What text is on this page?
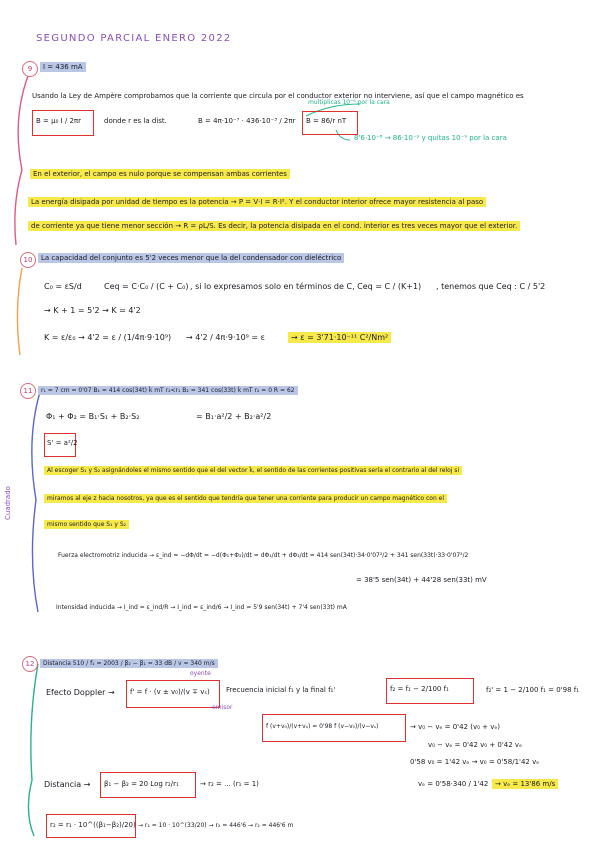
SEGUNDO PARCIAL ENERO 2022
9	I = 436 mA
Usando la Ley de Ampère comprobamos que la corriente que circula por el conductor exterior no interviene, así que el campo magnético es
B = μ₀ I / 2πr	donde r es la dist.	B = 4π·10⁻⁷ · 436·10⁻³ / 2πr
multiplicas 10⁻⁶ por la cara
B = 86/r nT
8'6·10⁻⁸ → 86·10⁻⁹ y quitas 10⁻⁹ por la cara
En el exterior, el campo es nulo porque se compensan ambas corrientes
La energía disipada por unidad de tiempo es la potencia → P = V·I = R·I². Y el conductor interior ofrece mayor resistencia al paso
de corriente ya que tiene menor sección → R = ρL/S. Es decir, la potencia disipada en el cond. interior es tres veces mayor que el exterior.
10	La capacidad del conjunto es 5'2 veces menor que la del condensador con dieléctrico
C₀ = εS/d	Ceq = C·C₀ / (C + C₀) , si lo expresamos solo en términos de C, Ceq = C / (K+1) , tenemos que Ceq : C / 5'2
→ K + 1 = 5'2 → K = 4'2
K = ε/ε₀ → 4'2 = ε / (1/4π·9·10⁹) → 4'2 / 4π·9·10⁹ = ε	→ ε = 3'71·10⁻¹¹ C²/Nm²
11	r₁ = 7 cm = 0'07 B₁ = 414 cos(34t) k̂ mT r₂<r₁ B₂ = 341 cos(33t) k̂ mT r₂ = 0 R = 62
Φ₁ + Φ₂ = B₁·S₁ + B₂·S₂	= B₁·a²/2 + B₂·a²/2
S' = a²/2
Cuadrado
Al escoger S₁ y S₂ asignándoles el mismo sentido que el del vector k̂, el sentido de las corrientes positivas sería el contrario al del reloj si
miramos al eje z hacia nosotros, ya que es el sentido que tendría que tener una corriente para producir un campo magnético con el
mismo sentido que S₁ y S₂
Fuerza electromotriz inducida → ε_ind = −dΦ/dt = −d(Φ₁+Φ₂)/dt = dΦ₁/dt + dΦ₂/dt = 414 sen(34t)·34·0'07²/2 + 341 sen(33t)·33·0'07²/2
= 38'5 sen(34t) + 44'28 sen(33t) mV
Intensidad inducida → I_ind = ε_ind/R → I_ind = ε_ind/6 → I_ind = 5'9 sen(34t) + 7'4 sen(33t) mA
12	Distancia 510 / f₁ = 2003 / β₂ − β₁ = 33 dB / v = 340 m/s
Efecto Doppler → f' = f · (v ± v₀)/(v ∓ vₛ)
oyente
emisor
Frecuencia inicial f₁ y la final f₁'	f₂ = f₁ − 2/100 f₁	f₂' = 1 − 2/100 f₁ = 0'98 f₁
f (v+v₀)/(v+vₛ) = 0'98 f (v−v₀)/(v−vₛ)	→ v₀ − vₑ = 0'42 (v₀ + vₑ)
v₀ − vₑ = 0'42 v₀ + 0'42 vₑ
0'58 v₀ = 1'42 vₑ → v₀ = 0'58/1'42 vₑ
vₑ = 0'58·340 / 1'42 → vₑ = 13'86 m/s
Distancia → β₁ − β₂ = 20 Log r₂/r₁	→ r₂ = ... (r₁ = 1)
r₂ = r₁ · 10^((β₁−β₂)/20) → r₂ = 10 · 10^(33/20) → r₂ = 446'6 → r₂ = 446'6 m
